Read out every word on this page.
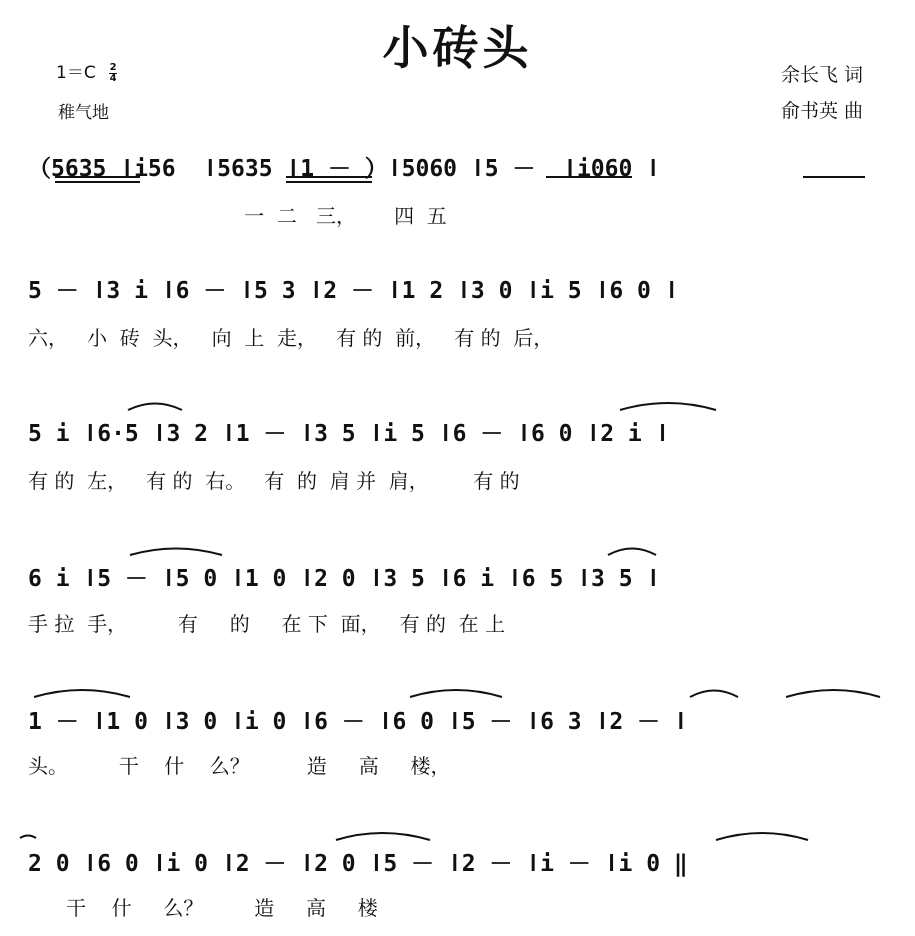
小砖头
$1=C \frac{2}{4}$
稚气地
余长飞 词
俞书英 曲
（5635 ǀi56  ǀ5635 ǀ1 － ）ǀ5060 ǀ5 －  ǀi060 ǀ
一  二   三，      四  五
5 － ǀ3 i ǀ6 － ǀ5 3 ǀ2 － ǀ1 2 ǀ3 0 ǀi 5 ǀ6 0 ǀ
六，   小  砖  头，   向  上  走，   有 的  前，   有 的  后，
5 i ǀ6·5 ǀ3 2 ǀ1 － ǀ3 5 ǀi 5 ǀ6 － ǀ6 0 ǀ2 i ǀ
有 的  左，   有 的  右。   有  的  肩 并  肩，       有 的
6 i ǀ5 － ǀ5 0 ǀ1 0 ǀ2 0 ǀ3 5 ǀ6 i ǀ6 5 ǀ3 5 ǀ
手 拉  手，        有     的     在 下  面，   有 的  在 上
1 － ǀ1 0 ǀ3 0 ǀi 0 ǀ6 － ǀ6 0 ǀ5 － ǀ6 3 ǀ2 － ǀ
头。        干    什    么？         造     高     楼，
2 0 ǀ6 0 ǀi 0 ǀ2 － ǀ2 0 ǀ5 － ǀ2 － ǀi － ǀi 0 ‖
干    什     么？        造     高     楼
